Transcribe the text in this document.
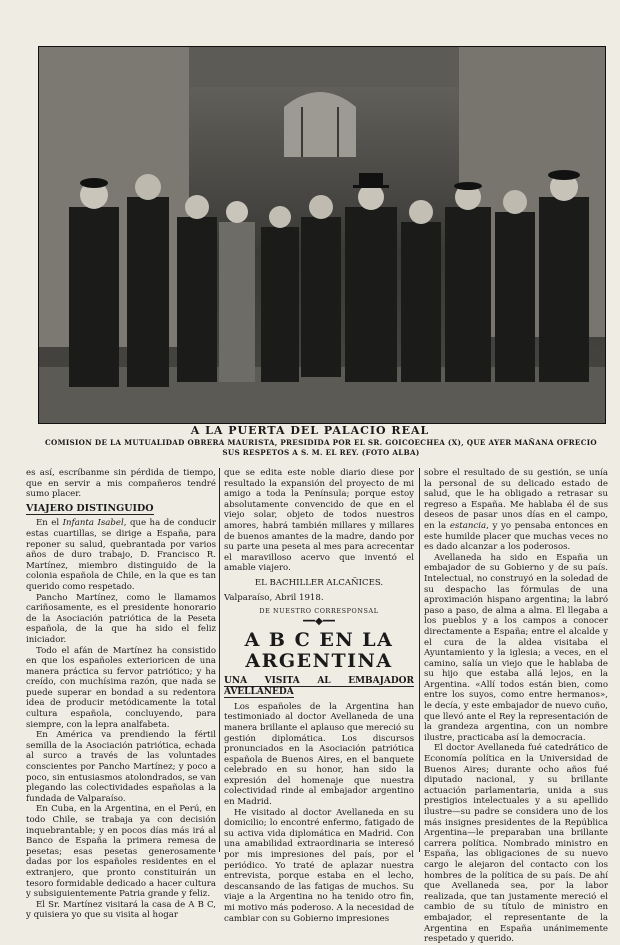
A LA PUERTA DEL PALACIO REAL
COMISION DE LA MUTUALIDAD OBRERA MAURISTA, PRESIDIDA POR EL SR. GOICOECHEA (X), QUE AYER MAÑANA OFRECIO SUS RESPETOS A S. M. EL REY. (FOTO ALBA)

es así, escríbanme sin pérdida de tiempo, que en servir a mis compañeros tendré sumo placer.

VIAJERO DISTINGUIDO

En el Infanta Isabel, que ha de conducir estas cuartillas, se dirige a España, para reponer su salud, quebrantada por varios años de duro trabajo, D. Francisco R. Martínez, miembro distinguido de la colonia española de Chile, en la que es tan querido como respetado.

Pancho Martínez, como le llamamos cariñosamente, es el presidente honorario de la Asociación patriótica de la Peseta española, de la que ha sido el feliz iniciador.

Todo el afán de Martínez ha consistido en que los españoles exterioricen de una manera práctica su fervor patriótico; y ha creído, con muchísima razón, que nada se puede superar en bondad a su redentora idea de producir metódicamente la total cultura española, concluyendo, para siempre, con la lepra analfabeta.

En América va prendiendo la fértil semilla de la Asociación patriótica, echada al surco a través de las voluntades conscientes por Pancho Martínez; y poco a poco, sin entusiasmos atolondrados, se van plegando las colectividades españolas a la fundada de Valparaíso.

En Cuba, en la Argentina, en el Perú, en todo Chile, se trabaja ya con decisión inquebrantable; y en pocos días más irá al Banco de España la primera remesa de pesetas; esas pesetas generosamente dadas por los españoles residentes en el extranjero, que pronto constituirán un tesoro formidable dedicado a hacer cultura y subsiguientemente Patria grande y feliz.

El Sr. Martínez visitará la casa de A B C, y quisiera yo que su visita al hogar

que se edita este noble diario diese por resultado la expansión del proyecto de mi amigo a toda la Península; porque estoy absolutamente convencido de que en el viejo solar, objeto de todos nuestros amores, habrá también millares y millares de buenos amantes de la madre, dando por su parte una peseta al mes para acrecentar el maravilloso acervo que inventó el amable viajero.

EL BACHILLER ALCAÑICES.
Valparaíso, Abril 1918.
DE NUESTRO CORRESPONSAL
━━◆━━
A B C EN LA ARGENTINA
UNA VISITA AL EMBAJADOR AVELLANEDA

Los españoles de la Argentina han testimoniado al doctor Avellaneda de una manera brillante el aplauso que mereció su gestión diplomática. Los discursos pronunciados en la Asociación patriótica española de Buenos Aires, en el banquete celebrado en su honor, han sido la expresión del homenaje que nuestra colectividad rinde al embajador argentino en Madrid.

He visitado al doctor Avellaneda en su domicilio; lo encontré enfermo, fatigado de su activa vida diplomática en Madrid. Con una amabilidad extraordinaria se interesó por mis impresiones del país, por el periódico. Yo traté de aplazar nuestra entrevista, porque estaba en el lecho, descansando de las fatigas de muchos. Su viaje a la Argentina no ha tenido otro fin, mi motivo más poderoso. A la necesidad de cambiar con su Gobierno impresiones

sobre el resultado de su gestión, se unía la personal de su delicado estado de salud, que le ha obligado a retrasar su regreso a España. Me hablaba él de sus deseos de pasar unos días en el campo, en la estancia, y yo pensaba entonces en este humilde placer que muchas veces no es dado alcanzar a los poderosos.

Avellaneda ha sido en España un embajador de su Gobierno y de su país. Intelectual, no construyó en la soledad de su despacho las fórmulas de una aproximación hispano argentina; la labró paso a paso, de alma a alma. El llegaba a los pueblos y a los campos a conocer directamente a España; entre el alcalde y el cura de la aldea visitaba el Ayuntamiento y la iglesia; a veces, en el camino, salía un viejo que le hablaba de su hijo que estaba allá lejos, en la Argentina. «Allí todos están bien, como entre los suyos, como entre hermanos», le decía, y este embajador de nuevo cuño, que llevó ante el Rey la representación de la grandeza argentina, con un nombre ilustre, practicaba así la democracia.

El doctor Avellaneda fué catedrático de Economía política en la Universidad de Buenos Aires; durante ocho años fué diputado nacional, y su brillante actuación parlamentaria, unida a sus prestigios intelectuales y a su apellido ilustre—su padre se considera uno de los más insignes presidentes de la República Argentina—le preparaban una brillante carrera política. Nombrado ministro en España, las obligaciones de su nuevo cargo le alejaron del contacto con los hombres de la política de su país. De ahí que Avellaneda sea, por la labor realizada, que tan justamente mereció el cambio de su título de ministro en embajador, el representante de la Argentina en España unánimemente respetado y querido.
